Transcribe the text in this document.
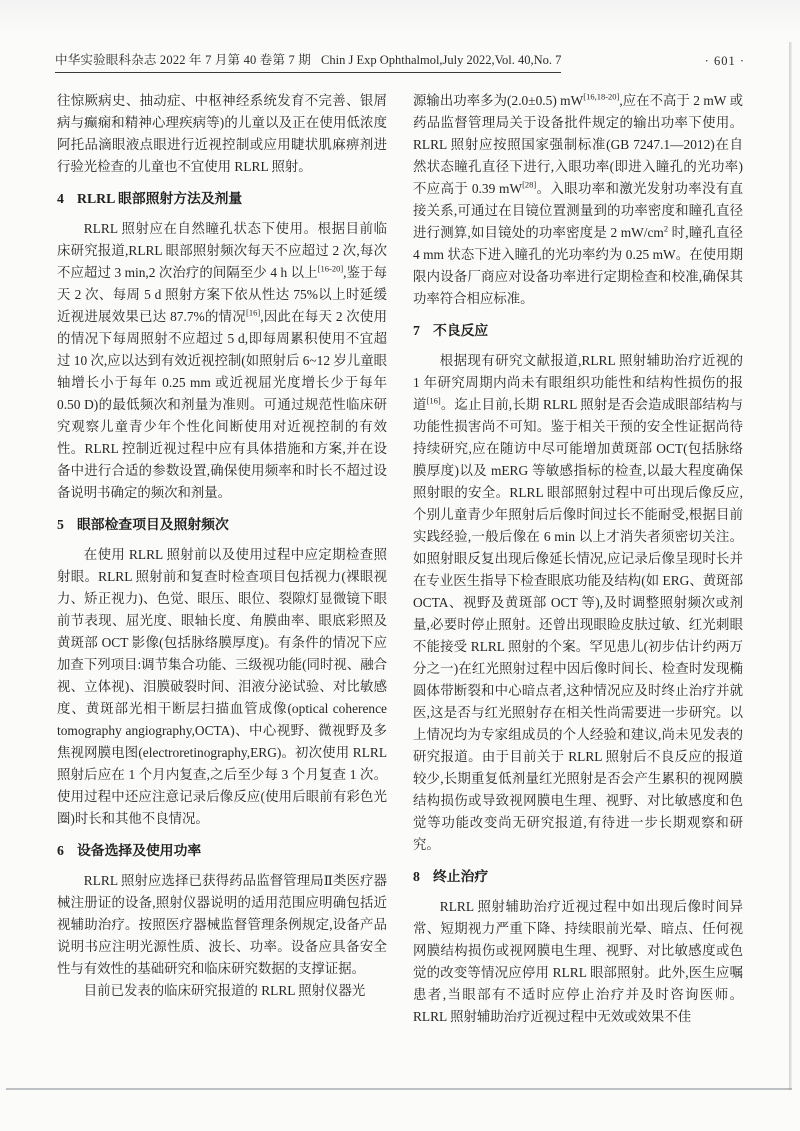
中华实验眼科杂志 2022 年 7 月第 40 卷第 7 期 Chin J Exp Ophthalmol,July 2022,Vol. 40,No. 7	· 601 ·

往惊厥病史、抽动症、中枢神经系统发育不完善、银屑病与癫痫和精神心理疾病等)的儿童以及正在使用低浓度阿托品滴眼液点眼进行近视控制或应用睫状肌麻痹剂进行验光检查的儿童也不宜使用 RLRL 照射。

4 RLRL 眼部照射方法及剂量

RLRL 照射应在自然瞳孔状态下使用。根据目前临床研究报道,RLRL 眼部照射频次每天不应超过 2 次,每次不应超过 3 min,2 次治疗的间隔至少 4 h 以上[16-20],鉴于每天 2 次、每周 5 d 照射方案下依从性达 75%以上时延缓近视进展效果已达 87.7%的情况[16],因此在每天 2 次使用的情况下每周照射不应超过 5 d,即每周累积使用不宜超过 10 次,应以达到有效近视控制(如照射后 6~12 岁儿童眼轴增长小于每年 0.25 mm 或近视屈光度增长少于每年 0.50 D)的最低频次和剂量为准则。可通过规范性临床研究观察儿童青少年个性化间断使用对近视控制的有效性。RLRL 控制近视过程中应有具体措施和方案,并在设备中进行合适的参数设置,确保使用频率和时长不超过设备说明书确定的频次和剂量。

5 眼部检查项目及照射频次

在使用 RLRL 照射前以及使用过程中应定期检查照射眼。RLRL 照射前和复查时检查项目包括视力(裸眼视力、矫正视力)、色觉、眼压、眼位、裂隙灯显微镜下眼前节表现、屈光度、眼轴长度、角膜曲率、眼底彩照及黄斑部 OCT 影像(包括脉络膜厚度)。有条件的情况下应加查下列项目:调节集合功能、三级视功能(同时视、融合视、立体视)、泪膜破裂时间、泪液分泌试验、对比敏感度、黄斑部光相干断层扫描血管成像(optical coherence tomography angiography,OCTA)、中心视野、微视野及多焦视网膜电图(electroretinography,ERG)。初次使用 RLRL 照射后应在 1 个月内复查,之后至少每 3 个月复查 1 次。使用过程中还应注意记录后像反应(使用后眼前有彩色光圈)时长和其他不良情况。

6 设备选择及使用功率

RLRL 照射应选择已获得药品监督管理局Ⅱ类医疗器械注册证的设备,照射仪器说明的适用范围应明确包括近视辅助治疗。按照医疗器械监督管理条例规定,设备产品说明书应注明光源性质、波长、功率。设备应具备安全性与有效性的基础研究和临床研究数据的支撑证据。

目前已发表的临床研究报道的 RLRL 照射仪器光

源输出功率多为(2.0±0.5) mW[16,18-20],应在不高于 2 mW 或药品监督管理局关于设备批件规定的输出功率下使用。RLRL 照射应按照国家强制标准(GB 7247.1—2012)在自然状态瞳孔直径下进行,入眼功率(即进入瞳孔的光功率)不应高于 0.39 mW[28]。入眼功率和激光发射功率没有直接关系,可通过在目镜位置测量到的功率密度和瞳孔直径进行测算,如目镜处的功率密度是 2 $mW/cm^2$ 时,瞳孔直径 4 mm 状态下进入瞳孔的光功率约为 0.25 mW。在使用期限内设备厂商应对设备功率进行定期检查和校准,确保其功率符合相应标准。

7 不良反应

根据现有研究文献报道,RLRL 照射辅助治疗近视的 1 年研究周期内尚未有眼组织功能性和结构性损伤的报道[16]。迄止目前,长期 RLRL 照射是否会造成眼部结构与功能性损害尚不可知。鉴于相关干预的安全性证据尚待持续研究,应在随访中尽可能增加黄斑部 OCT(包括脉络膜厚度)以及 mERG 等敏感指标的检查,以最大程度确保照射眼的安全。RLRL 眼部照射过程中可出现后像反应,个别儿童青少年照射后后像时间过长不能耐受,根据目前实践经验,一般后像在 6 min 以上才消失者须密切关注。如照射眼反复出现后像延长情况,应记录后像呈现时长并在专业医生指导下检查眼底功能及结构(如 ERG、黄斑部 OCTA、视野及黄斑部 OCT 等),及时调整照射频次或剂量,必要时停止照射。还曾出现眼睑皮肤过敏、红光刺眼不能接受 RLRL 照射的个案。罕见患儿(初步估计约两万分之一)在红光照射过程中因后像时间长、检查时发现椭圆体带断裂和中心暗点者,这种情况应及时终止治疗并就医,这是否与红光照射存在相关性尚需要进一步研究。以上情况均为专家组成员的个人经验和建议,尚未见发表的研究报道。由于目前关于 RLRL 照射后不良反应的报道较少,长期重复低剂量红光照射是否会产生累积的视网膜结构损伤或导致视网膜电生理、视野、对比敏感度和色觉等功能改变尚无研究报道,有待进一步长期观察和研究。

8 终止治疗

RLRL 照射辅助治疗近视过程中如出现后像时间异常、短期视力严重下降、持续眼前光晕、暗点、任何视网膜结构损伤或视网膜电生理、视野、对比敏感度或色觉的改变等情况应停用 RLRL 眼部照射。此外,医生应嘱患者,当眼部有不适时应停止治疗并及时咨询医师。RLRL 照射辅助治疗近视过程中无效或效果不佳
